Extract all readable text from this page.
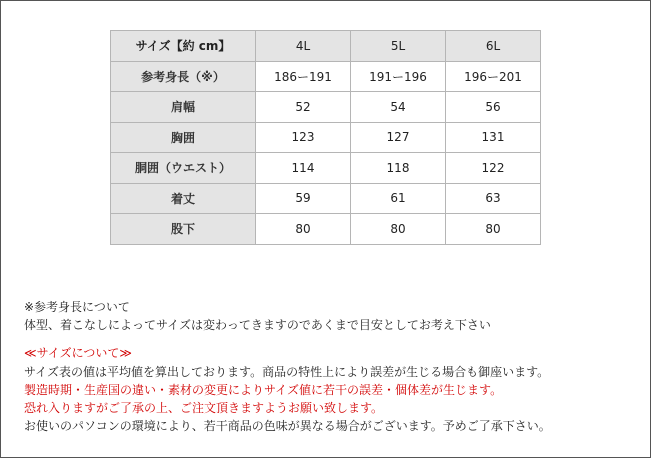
サイズ【約 cm】	4L	5L	6L
参考身長（※）	186ー191	191ー196	196ー201
肩幅	52	54	56
胸囲	123	127	131
胴囲（ウエスト）	114	118	122
着丈	59	61	63
股下	80	80	80

※参考身長について

体型、着こなしによってサイズは変わってきますのであくまで目安としてお考え下さい

≪サイズについて≫

サイズ表の値は平均値を算出しております。商品の特性上により誤差が生じる場合も御座います。

製造時期・生産国の違い・素材の変更によりサイズ値に若干の誤差・個体差が生じます。

恐れ入りますがご了承の上、ご注文頂きますようお願い致します。

お使いのパソコンの環境により、若干商品の色味が異なる場合がございます。予めご了承下さい。
